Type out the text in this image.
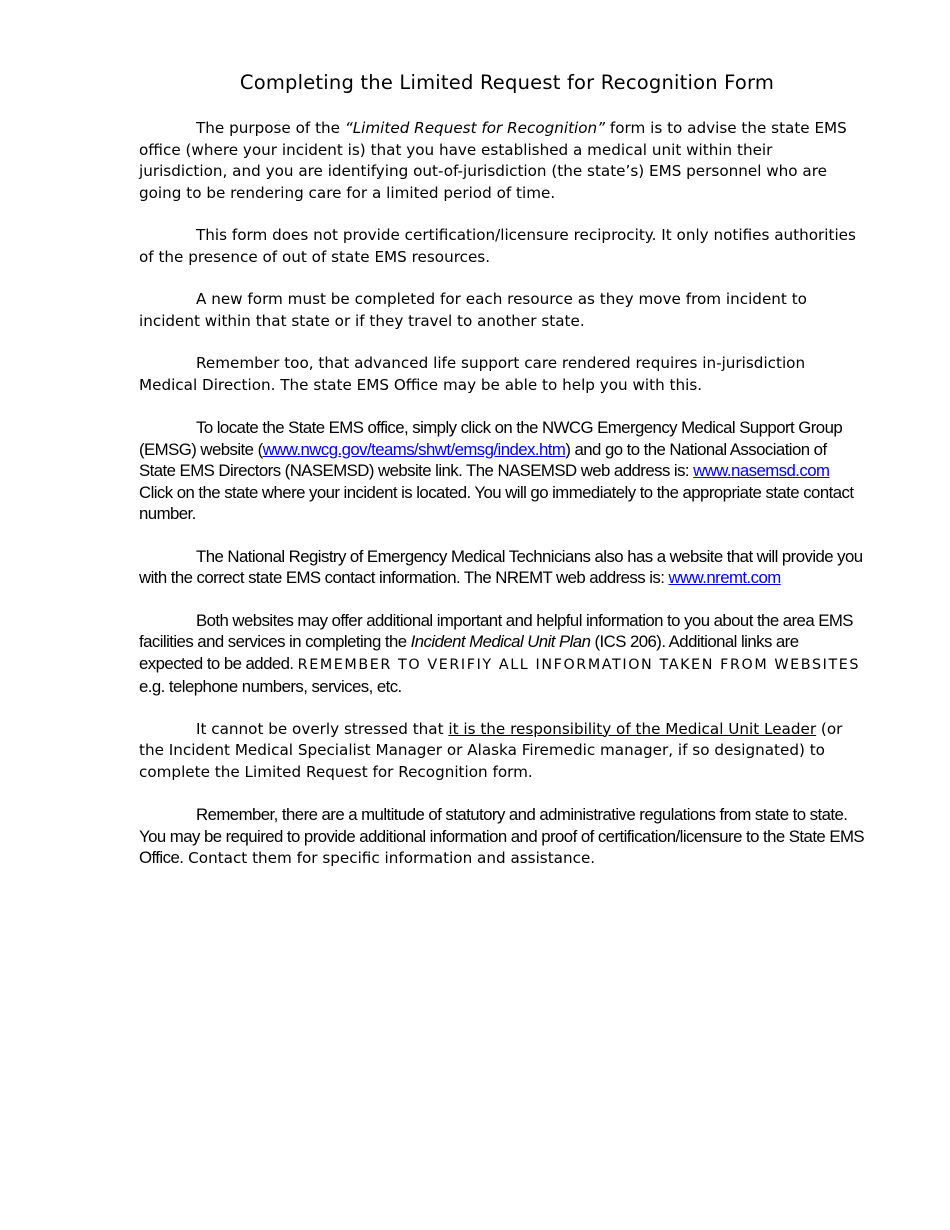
Completing the Limited Request for Recognition Form

The purpose of the “Limited Request for Recognition” form is to advise the state EMS office (where your incident is) that you have established a medical unit within their jurisdiction, and you are identifying out-of-jurisdiction (the state’s) EMS personnel who are going to be rendering care for a limited period of time.

This form does not provide certification/licensure reciprocity. It only notifies authorities of the presence of out of state EMS resources.

A new form must be completed for each resource as they move from incident to incident within that state or if they travel to another state.

Remember too, that advanced life support care rendered requires in-jurisdiction Medical Direction. The state EMS Office may be able to help you with this.

To locate the State EMS office, simply click on the NWCG Emergency Medical Support Group (EMSG) website (www.nwcg.gov/teams/shwt/emsg/index.htm) and go to the National Association of State EMS Directors (NASEMSD) website link. The NASEMSD web address is: www.nasemsd.com
Click on the state where your incident is located. You will go immediately to the appropriate state contact number.

The National Registry of Emergency Medical Technicians also has a website that will provide you with the correct state EMS contact information. The NREMT web address is: www.nremt.com

Both websites may offer additional important and helpful information to you about the area EMS facilities and services in completing the Incident Medical Unit Plan (ICS 206). Additional links are expected to be added. REMEMBER TO VERIFIY ALL INFORMATION TAKEN FROM WEBSITES e.g. telephone numbers, services, etc.

It cannot be overly stressed that it is the responsibility of the Medical Unit Leader (or the Incident Medical Specialist Manager or Alaska Firemedic manager, if so designated) to complete the Limited Request for Recognition form.

Remember, there are a multitude of statutory and administrative regulations from state to state. You may be required to provide additional information and proof of certification/licensure to the State EMS Office. Contact them for specific information and assistance.
